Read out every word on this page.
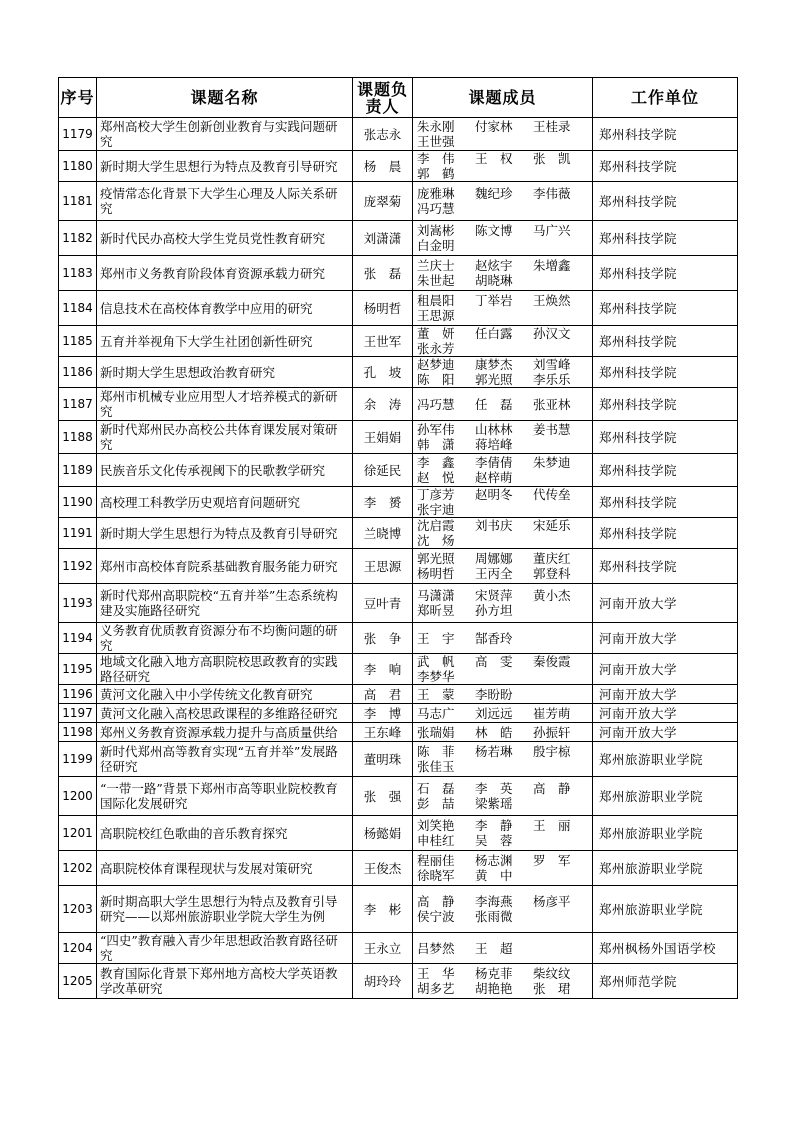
序号	课题名称	课题负责人	课题成员	工作单位
1179	郑州高校大学生创新创业教育与实践问题研究	张志永	朱永刚 付家林 王桂录
王世强	郑州科技学院
1180	新时期大学生思想行为特点及教育引导研究	杨　晨	李　伟 王　权 张　凯
郭　鹤	郑州科技学院
1181	疫情常态化背景下大学生心理及人际关系研究	庞翠菊	庞雅琳 魏纪珍 李伟薇
冯巧慧	郑州科技学院
1182	新时代民办高校大学生党员党性教育研究	刘潇潇	刘嵩彬 陈文博 马广兴
白金明	郑州科技学院
1183	郑州市义务教育阶段体育资源承载力研究	张　磊	兰庆士 赵炫宇 朱增鑫
朱世起 胡晓琳	郑州科技学院
1184	信息技术在高校体育教学中应用的研究	杨明哲	租晨阳 丁举岩 王焕然
王思源	郑州科技学院
1185	五育并举视角下大学生社团创新性研究	王世军	董　妍 任白露 孙汉文
张永芳	郑州科技学院
1186	新时期大学生思想政治教育研究	孔　坡	赵梦迪 康梦杰 刘雪峰
陈　阳 郭光照 李乐乐	郑州科技学院
1187	郑州市机械专业应用型人才培养模式的新研究	余　涛	冯巧慧 任　磊 张亚林	郑州科技学院
1188	新时代郑州民办高校公共体育课发展对策研究	王娟娟	孙军伟 山林林 姜书慧
韩　潇 蒋培峰	郑州科技学院
1189	民族音乐文化传承视阈下的民歌教学研究	徐延民	李　鑫 李倩倩 朱梦迪
赵　悦 赵梓萌	郑州科技学院
1190	高校理工科教学历史观培育问题研究	李　赟	丁彦芳 赵明冬 代传垒
张宇迪	郑州科技学院
1191	新时期大学生思想行为特点及教育引导研究	兰晓博	沈启霞 刘书庆 宋延乐
沈　炀	郑州科技学院
1192	郑州市高校体育院系基础教育服务能力研究	王思源	郭光照 周娜娜 董庆红
杨明哲 王丙全 郭登科	郑州科技学院
1193	新时代郑州高职院校“五育并举”生态系统构建及实施路径研究	豆叶青	马潇潇 宋贤萍 黄小杰
郑昕昱 孙方坦	河南开放大学
1194	义务教育优质教育资源分布不均衡问题的研究	张　争	王　宇 郜香玲	河南开放大学
1195	地域文化融入地方高职院校思政教育的实践路径研究	李　响	武　帆 高　雯 秦俊霞
李梦华	河南开放大学
1196	黄河文化融入中小学传统文化教育研究	高　君	王　蒙 李盼盼	河南开放大学
1197	黄河文化融入高校思政课程的多维路径研究	李　博	马志广 刘远远 崔芳萌	河南开放大学
1198	郑州义务教育资源承载力提升与高质量供给	王东峰	张瑞娟 林　皓 孙振轩	河南开放大学
1199	新时代郑州高等教育实现“五育并举”发展路径研究	董明珠	陈　菲 杨若琳 殷宇椋
张佳玉	郑州旅游职业学院
1200	“一带一路”背景下郑州市高等职业院校教育国际化发展研究	张　强	石　磊 李　英 高　静
彭　喆 梁紫瑶	郑州旅游职业学院
1201	高职院校红色歌曲的音乐教育探究	杨懿娟	刘笑艳 李　静 王　丽
申桂红 吴　蓉	郑州旅游职业学院
1202	高职院校体育课程现状与发展对策研究	王俊杰	程丽佳 杨志渊 罗　军
徐晓军 黄　中	郑州旅游职业学院
1203	新时期高职大学生思想行为特点及教育引导研究——以郑州旅游职业学院大学生为例	李　彬	高　静 李海燕 杨彦平
侯宁波 张雨微	郑州旅游职业学院
1204	“四史”教育融入青少年思想政治教育路径研究	王永立	吕梦然 王　超	郑州枫杨外国语学校
1205	教育国际化背景下郑州地方高校大学英语教学改革研究	胡玲玲	王　华 杨克菲 柴纹纹
胡多艺 胡艳艳 张　珺	郑州师范学院
